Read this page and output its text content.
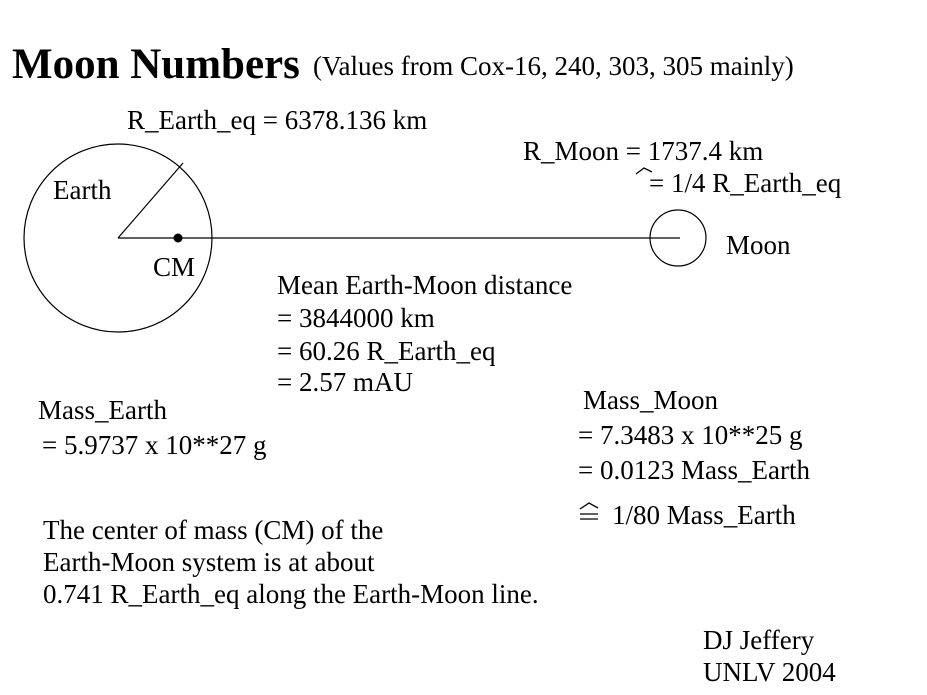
Moon Numbers (Values from Cox-16, 240, 303, 305 mainly)
R_Earth_eq = 6378.136 km
Earth
CM
R_Moon = 1737.4 km
= 1/4 R_Earth_eq
Moon
Mean Earth-Moon distance
= 3844000 km
= 60.26 R_Earth_eq
= 2.57 mAU
Mass_Earth
= 5.9737 x 10**27 g
Mass_Moon
= 7.3483 x 10**25 g
= 0.0123 Mass_Earth
1/80 Mass_Earth
The center of mass (CM) of the
Earth-Moon system is at about
0.741 R_Earth_eq along the Earth-Moon line.
DJ Jeffery
UNLV 2004
